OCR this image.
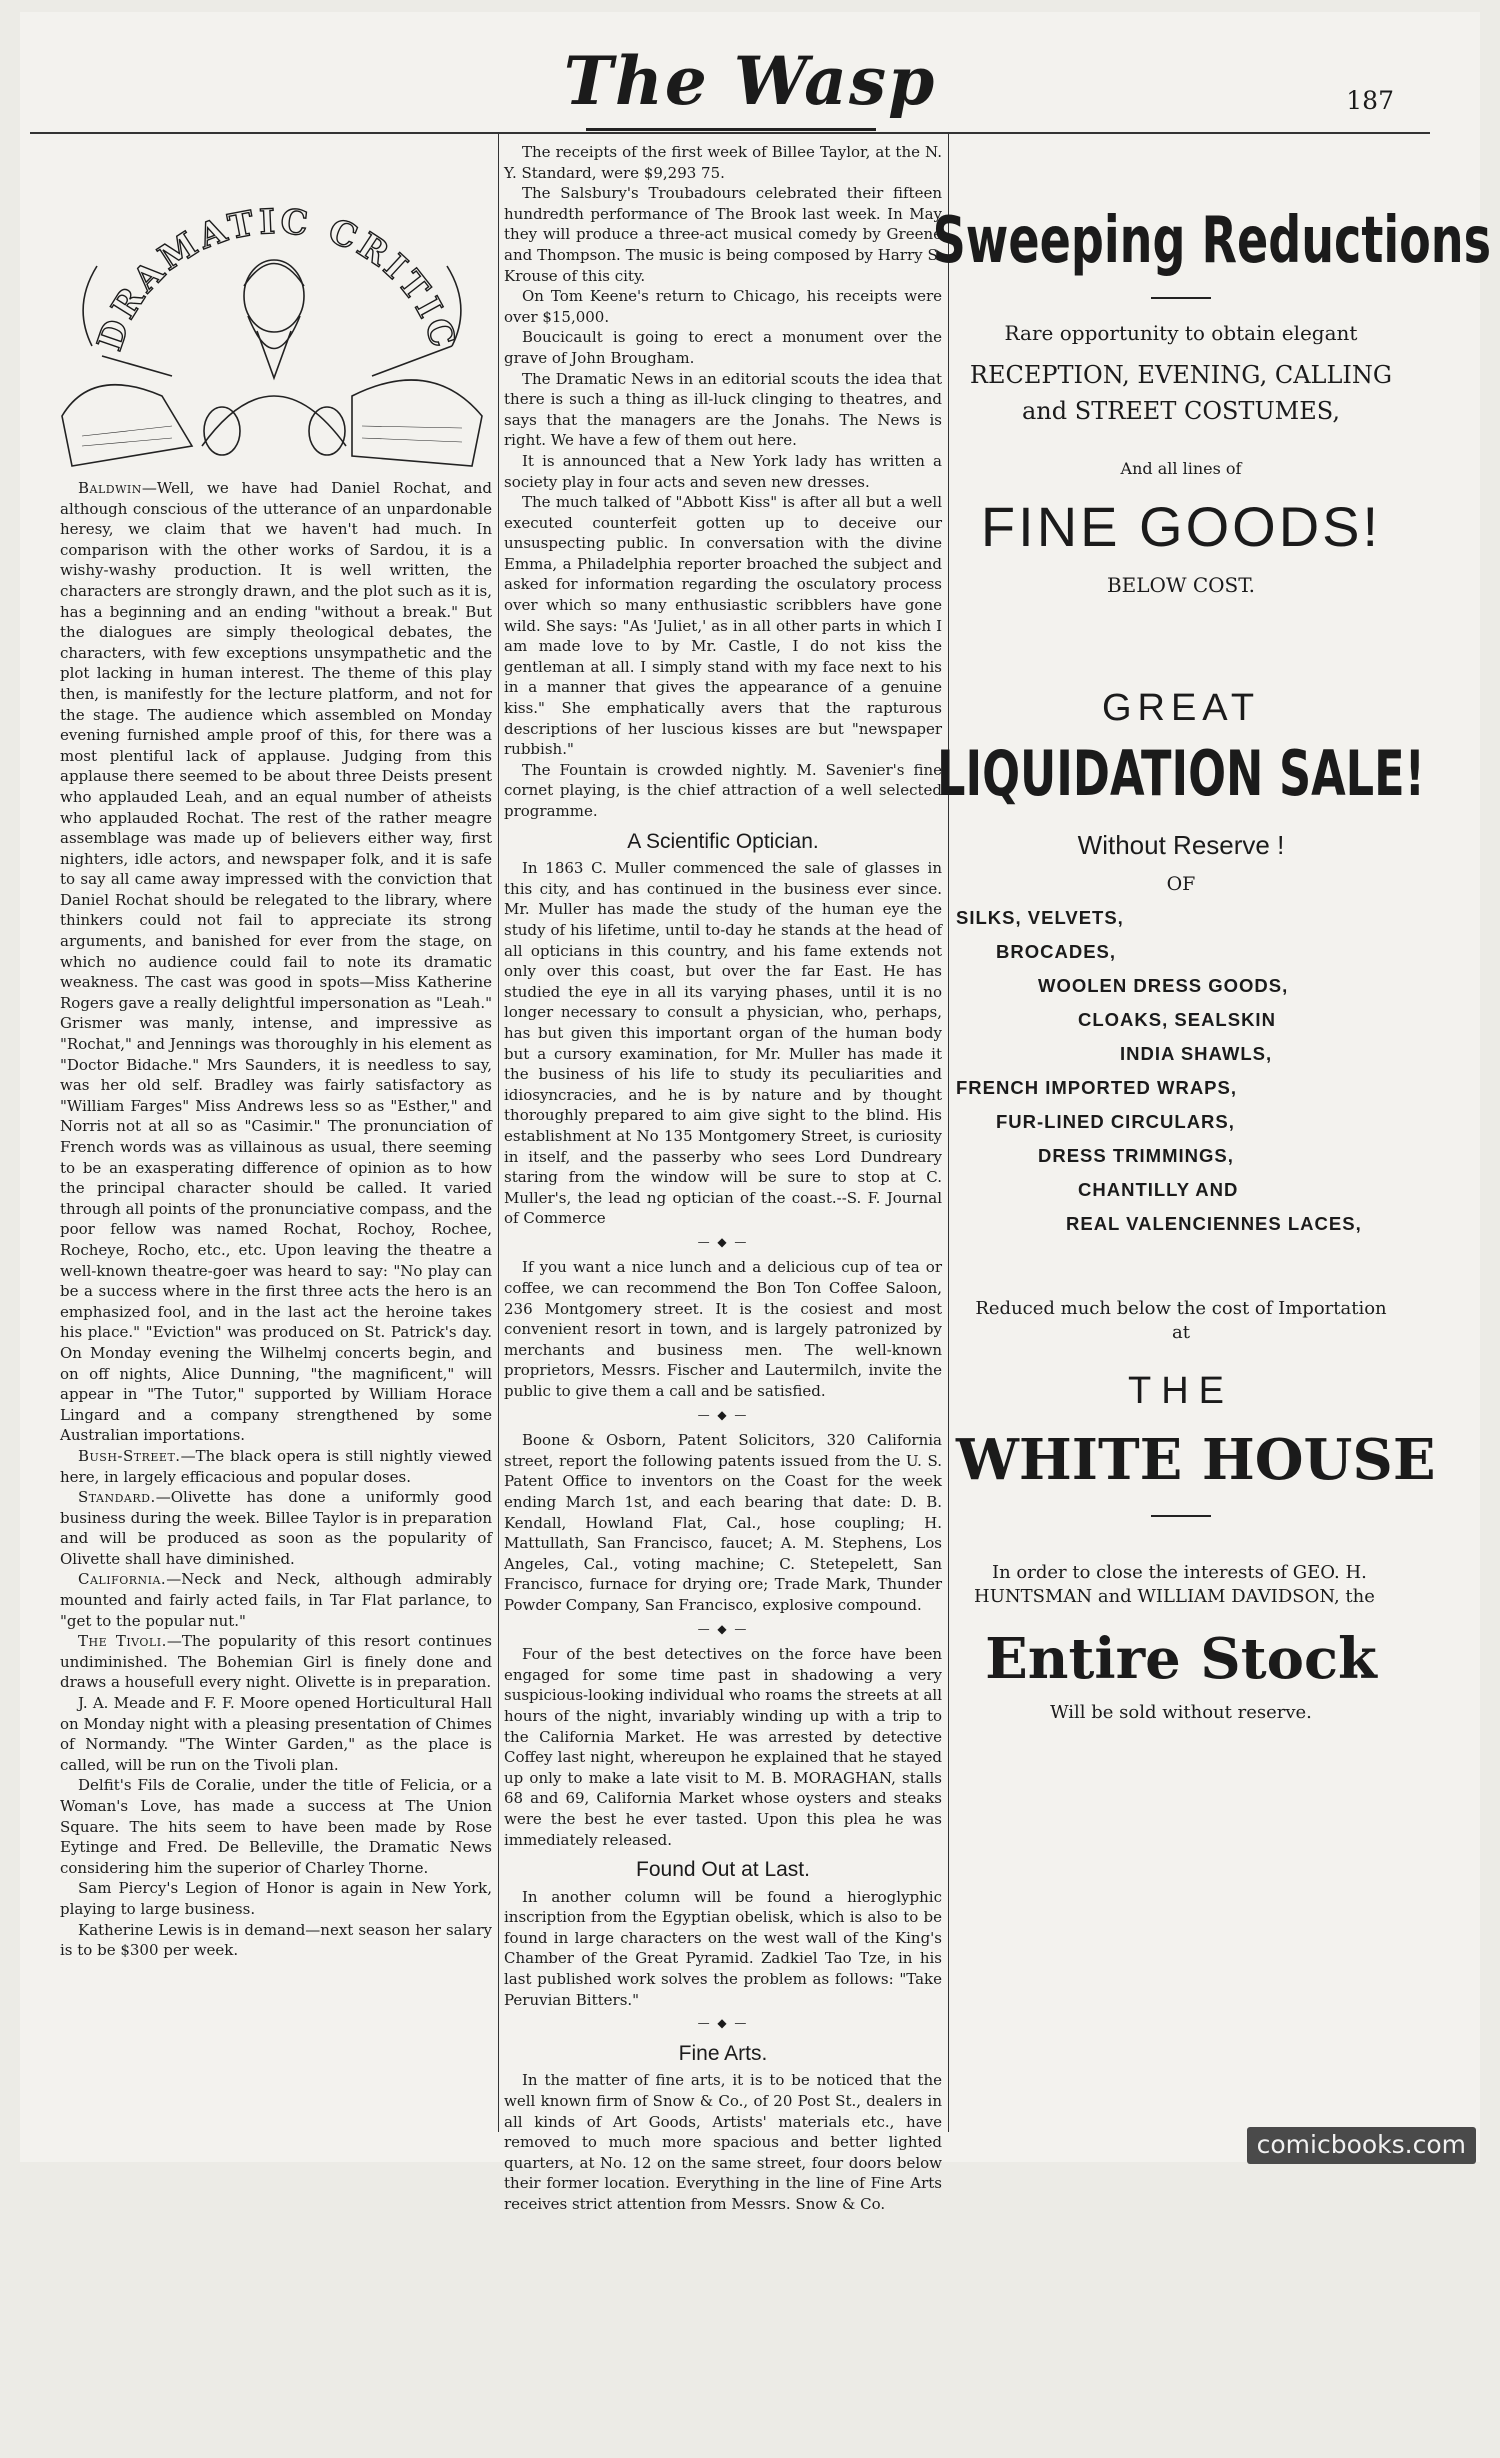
The Wasp	187
DRAMATIC CRITIC

Baldwin—Well, we have had Daniel Rochat, and although conscious of the utterance of an unpardonable heresy, we claim that we haven't had much. In comparison with the other works of Sardou, it is a wishy-washy production. It is well written, the characters are strongly drawn, and the plot such as it is, has a beginning and an ending "without a break." But the dialogues are simply theological debates, the characters, with few exceptions unsympathetic and the plot lacking in human interest. The theme of this play then, is manifestly for the lecture platform, and not for the stage. The audience which assembled on Monday evening furnished ample proof of this, for there was a most plentiful lack of applause. Judging from this applause there seemed to be about three Deists present who applauded Leah, and an equal number of atheists who applauded Rochat. The rest of the rather meagre assemblage was made up of believers either way, first nighters, idle actors, and newspaper folk, and it is safe to say all came away impressed with the conviction that Daniel Rochat should be relegated to the library, where thinkers could not fail to appreciate its strong arguments, and banished for ever from the stage, on which no audience could fail to note its dramatic weakness. The cast was good in spots—Miss Katherine Rogers gave a really delightful impersonation as "Leah." Grismer was manly, intense, and impressive as "Rochat," and Jennings was thoroughly in his element as "Doctor Bidache." Mrs Saunders, it is needless to say, was her old self. Bradley was fairly satisfactory as "William Farges" Miss Andrews less so as "Esther," and Norris not at all so as "Casimir." The pronunciation of French words was as villainous as usual, there seeming to be an exasperating difference of opinion as to how the principal character should be called. It varied through all points of the pronunciative compass, and the poor fellow was named Rochat, Rochoy, Rochee, Rocheye, Rocho, etc., etc. Upon leaving the theatre a well-known theatre-goer was heard to say: "No play can be a success where in the first three acts the hero is an emphasized fool, and in the last act the heroine takes his place." "Eviction" was produced on St. Patrick's day. On Monday evening the Wilhelmj concerts begin, and on off nights, Alice Dunning, "the magnificent," will appear in "The Tutor," supported by William Horace Lingard and a company strengthened by some Australian importations.

Bush-Street.—The black opera is still nightly viewed here, in largely efficacious and popular doses.

Standard.—Olivette has done a uniformly good business during the week. Billee Taylor is in preparation and will be produced as soon as the popularity of Olivette shall have diminished.

California.—Neck and Neck, although admirably mounted and fairly acted fails, in Tar Flat parlance, to "get to the popular nut."

The Tivoli.—The popularity of this resort continues undiminished. The Bohemian Girl is finely done and draws a housefull every night. Olivette is in preparation.

J. A. Meade and F. F. Moore opened Horticultural Hall on Monday night with a pleasing presentation of Chimes of Normandy. "The Winter Garden," as the place is called, will be run on the Tivoli plan.

Delfit's Fils de Coralie, under the title of Felicia, or a Woman's Love, has made a success at The Union Square. The hits seem to have been made by Rose Eytinge and Fred. De Belleville, the Dramatic News considering him the superior of Charley Thorne.

Sam Piercy's Legion of Honor is again in New York, playing to large business.

Katherine Lewis is in demand—next season her salary is to be $300 per week.

The receipts of the first week of Billee Taylor, at the N. Y. Standard, were $9,293 75.

The Salsbury's Troubadours celebrated their fifteen hundredth performance of The Brook last week. In May they will produce a three-act musical comedy by Greene and Thompson. The music is being composed by Harry S. Krouse of this city.

On Tom Keene's return to Chicago, his receipts were over $15,000.

Boucicault is going to erect a monument over the grave of John Brougham.

The Dramatic News in an editorial scouts the idea that there is such a thing as ill-luck clinging to theatres, and says that the managers are the Jonahs. The News is right. We have a few of them out here.

It is announced that a New York lady has written a society play in four acts and seven new dresses.

The much talked of "Abbott Kiss" is after all but a well executed counterfeit gotten up to deceive our unsuspecting public. In conversation with the divine Emma, a Philadelphia reporter broached the subject and asked for information regarding the osculatory process over which so many enthusiastic scribblers have gone wild. She says: "As 'Juliet,' as in all other parts in which I am made love to by Mr. Castle, I do not kiss the gentleman at all. I simply stand with my face next to his in a manner that gives the appearance of a genuine kiss." She emphatically avers that the rapturous descriptions of her luscious kisses are but "newspaper rubbish."

The Fountain is crowded nightly. M. Savenier's fine cornet playing, is the chief attraction of a well selected programme.

A Scientific Optician.

In 1863 C. Muller commenced the sale of glasses in this city, and has continued in the business ever since. Mr. Muller has made the study of the human eye the study of his lifetime, until to-day he stands at the head of all opticians in this country, and his fame extends not only over this coast, but over the far East. He has studied the eye in all its varying phases, until it is no longer necessary to consult a physician, who, perhaps, has but given this important organ of the human body but a cursory examination, for Mr. Muller has made it the business of his life to study its peculiarities and idiosyncracies, and he is by nature and by thought thoroughly prepared to aim give sight to the blind. His establishment at No 135 Montgomery Street, is curiosity in itself, and the passerby who sees Lord Dundreary staring from the window will be sure to stop at C. Muller's, the lead ng optician of the coast.--S. F. Journal of Commerce

— ◆ —

If you want a nice lunch and a delicious cup of tea or coffee, we can recommend the Bon Ton Coffee Saloon, 236 Montgomery street. It is the cosiest and most convenient resort in town, and is largely patronized by merchants and business men. The well-known proprietors, Messrs. Fischer and Lautermilch, invite the public to give them a call and be satisfied.

— ◆ —

Boone & Osborn, Patent Solicitors, 320 California street, report the following patents issued from the U. S. Patent Office to inventors on the Coast for the week ending March 1st, and each bearing that date: D. B. Kendall, Howland Flat, Cal., hose coupling; H. Mattullath, San Francisco, faucet; A. M. Stephens, Los Angeles, Cal., voting machine; C. Stetepelett, San Francisco, furnace for drying ore; Trade Mark, Thunder Powder Company, San Francisco, explosive compound.

— ◆ —

Four of the best detectives on the force have been engaged for some time past in shadowing a very suspicious-looking individual who roams the streets at all hours of the night, invariably winding up with a trip to the California Market. He was arrested by detective Coffey last night, whereupon he explained that he stayed up only to make a late visit to M. B. MORAGHAN, stalls 68 and 69, California Market whose oysters and steaks were the best he ever tasted. Upon this plea he was immediately released.

Found Out at Last.

In another column will be found a hieroglyphic inscription from the Egyptian obelisk, which is also to be found in large characters on the west wall of the King's Chamber of the Great Pyramid. Zadkiel Tao Tze, in his last published work solves the problem as follows: "Take Peruvian Bitters."

— ◆ —
Fine Arts.

In the matter of fine arts, it is to be noticed that the well known firm of Snow & Co., of 20 Post St., dealers in all kinds of Art Goods, Artists' materials etc., have removed to much more spacious and better lighted quarters, at No. 12 on the same street, four doors below their former location. Everything in the line of Fine Arts receives strict attention from Messrs. Snow & Co.

Sweeping Reductions
Rare opportunity to obtain elegant
RECEPTION, EVENING, CALLING
and STREET COSTUMES,
And all lines of
FINE GOODS!
BELOW COST.
GREAT
LIQUIDATION SALE!
Without Reserve !
OF
SILKS, VELVETS,
BROCADES,
WOOLEN DRESS GOODS,
CLOAKS, SEALSKIN
INDIA SHAWLS,
FRENCH IMPORTED WRAPS,
FUR-LINED CIRCULARS,
DRESS TRIMMINGS,
CHANTILLY AND
REAL VALENCIENNES LACES,
Reduced much below the cost of Importation
at
THE
WHITE HOUSE
In order to close the interests of GEO. H. HUNTSMAN and WILLIAM DAVIDSON, the
Entire Stock
Will be sold without reserve.
comicbooks.com
